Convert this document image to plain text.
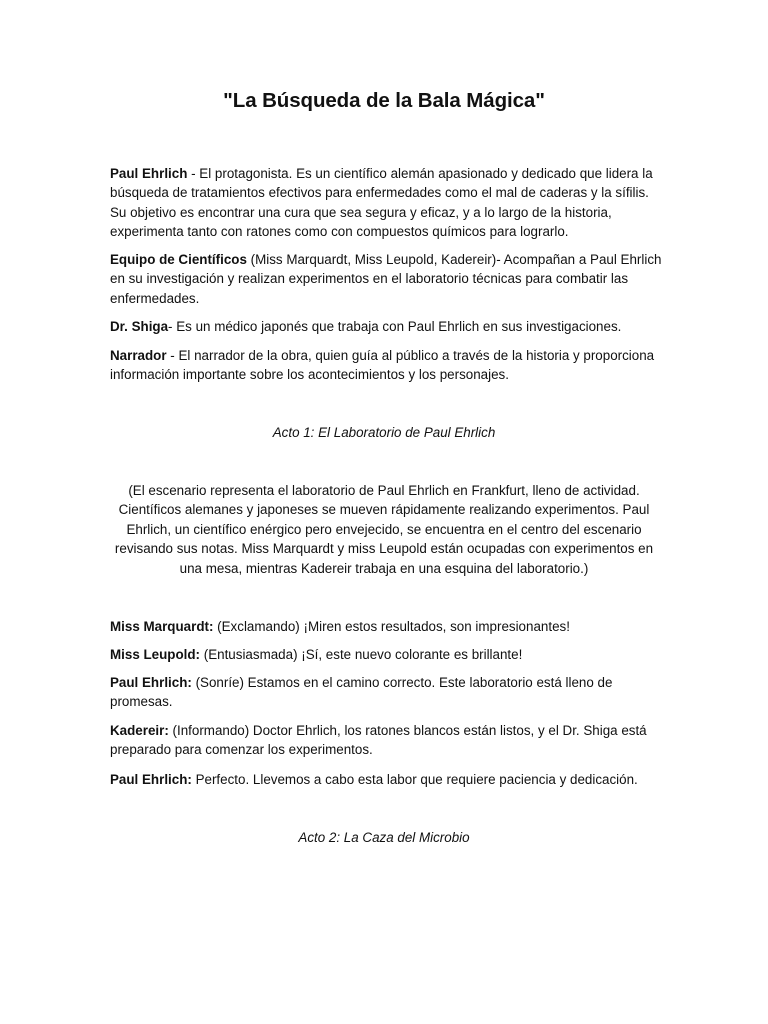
"La Búsqueda de la Bala Mágica"

Paul Ehrlich - El protagonista. Es un científico alemán apasionado y dedicado que lidera la búsqueda de tratamientos efectivos para enfermedades como el mal de caderas y la sífilis. Su objetivo es encontrar una cura que sea segura y eficaz, y a lo largo de la historia, experimenta tanto con ratones como con compuestos químicos para lograrlo.

Equipo de Científicos (Miss Marquardt, Miss Leupold, Kadereir)- Acompañan a Paul Ehrlich en su investigación y realizan experimentos en el laboratorio técnicas para combatir las enfermedades.

Dr. Shiga- Es un médico japonés que trabaja con Paul Ehrlich en sus investigaciones.

Narrador - El narrador de la obra, quien guía al público a través de la historia y proporciona información importante sobre los acontecimientos y los personajes.

Acto 1: El Laboratorio de Paul Ehrlich

(El escenario representa el laboratorio de Paul Ehrlich en Frankfurt, lleno de actividad. Científicos alemanes y japoneses se mueven rápidamente realizando experimentos. Paul Ehrlich, un científico enérgico pero envejecido, se encuentra en el centro del escenario revisando sus notas. Miss Marquardt y miss Leupold están ocupadas con experimentos en una mesa, mientras Kadereir trabaja en una esquina del laboratorio.)

Miss Marquardt: (Exclamando) ¡Miren estos resultados, son impresionantes!

Miss Leupold: (Entusiasmada) ¡Sí, este nuevo colorante es brillante!

Paul Ehrlich: (Sonríe) Estamos en el camino correcto. Este laboratorio está lleno de promesas.

Kadereir: (Informando) Doctor Ehrlich, los ratones blancos están listos, y el Dr. Shiga está preparado para comenzar los experimentos.

Paul Ehrlich: Perfecto. Llevemos a cabo esta labor que requiere paciencia y dedicación.

Acto 2: La Caza del Microbio
